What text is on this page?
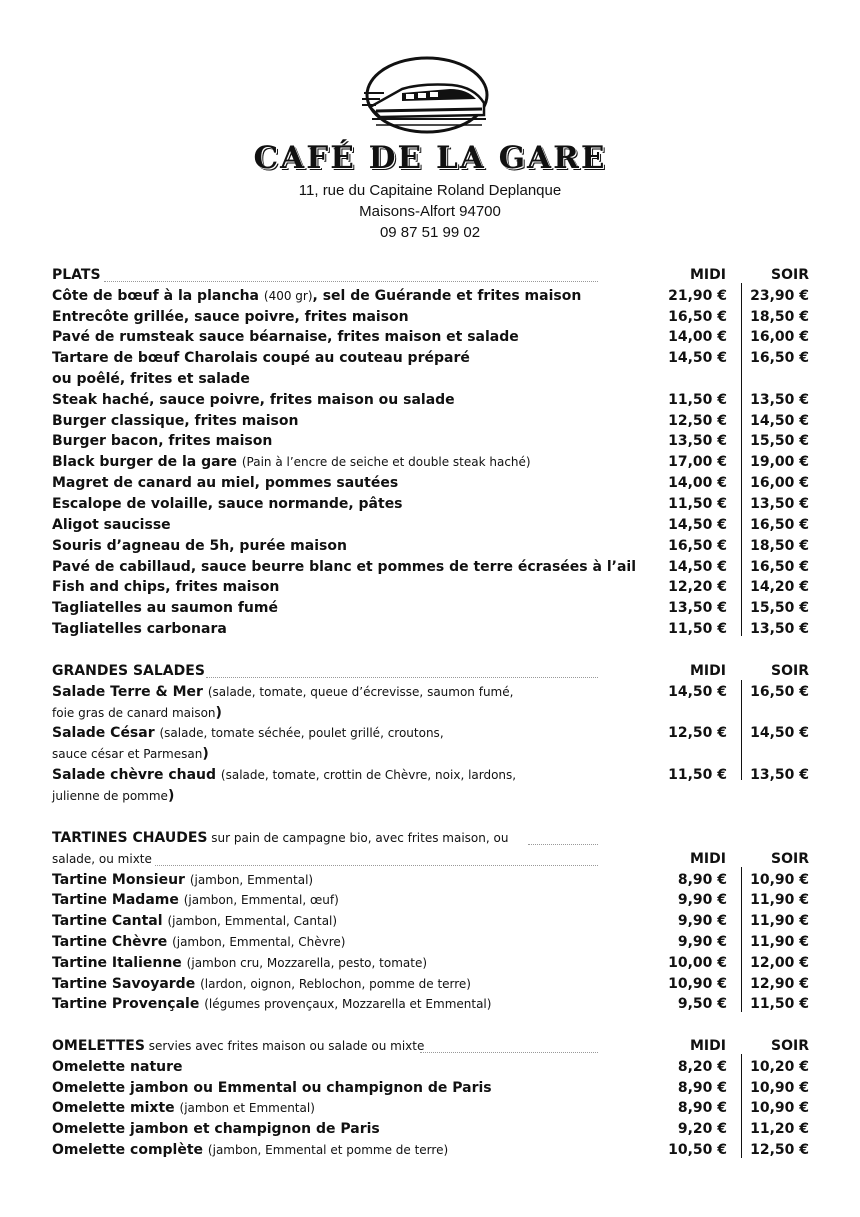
CAFÉ DE LA GARE
11, rue du Capitaine Roland Deplanque
Maisons-Alfort 94700
09 87 51 99 02
PLATS	MIDI	SOIR
Côte de bœuf à la plancha (400 gr), sel de Guérande et frites maison	21,90 € 23,90 €
Entrecôte grillée, sauce poivre, frites maison	16,50 € 18,50 €
Pavé de rumsteak sauce béarnaise, frites maison et salade	14,00 € 16,00 €
Tartare de bœuf Charolais coupé au couteau préparé	14,50 € 16,50 €
ou poêlé, frites et salade
Steak haché, sauce poivre, frites maison ou salade	11,50 € 13,50 €
Burger classique, frites maison	12,50 € 14,50 €
Burger bacon, frites maison	13,50 € 15,50 €
Black burger de la gare (Pain à l’encre de seiche et double steak haché)	17,00 € 19,00 €
Magret de canard au miel, pommes sautées	14,00 € 16,00 €
Escalope de volaille, sauce normande, pâtes	11,50 € 13,50 €
Aligot saucisse	14,50 € 16,50 €
Souris d’agneau de 5h, purée maison	16,50 € 18,50 €
Pavé de cabillaud, sauce beurre blanc et pommes de terre écrasées à l’ail 14,50 € 16,50 €
Fish and chips, frites maison	12,20 € 14,20 €
Tagliatelles au saumon fumé	13,50 € 15,50 €
Tagliatelles carbonara	11,50 € 13,50 €
GRANDES SALADES	MIDI	SOIR
Salade Terre & Mer (salade, tomate, queue d’écrevisse, saumon fumé,	14,50 € 16,50 €
foie gras de canard maison)
Salade César (salade, tomate séchée, poulet grillé, croutons,	12,50 € 14,50 €
sauce césar et Parmesan)
Salade chèvre chaud (salade, tomate, crottin de Chèvre, noix, lardons,	11,50 € 13,50 €
julienne de pomme)
TARTINES CHAUDES sur pain de campagne bio, avec frites maison, ou
salade, ou mixte	MIDI	SOIR
Tartine Monsieur (jambon, Emmental)	8,90 € 10,90 €
Tartine Madame (jambon, Emmental, œuf)	9,90 € 11,90 €
Tartine Cantal (jambon, Emmental, Cantal)	9,90 € 11,90 €
Tartine Chèvre (jambon, Emmental, Chèvre)	9,90 € 11,90 €
Tartine Italienne (jambon cru, Mozzarella, pesto, tomate)	10,00 € 12,00 €
Tartine Savoyarde (lardon, oignon, Reblochon, pomme de terre)	10,90 € 12,90 €
Tartine Provençale (légumes provençaux, Mozzarella et Emmental)	9,50 € 11,50 €
OMELETTES servies avec frites maison ou salade ou mixte	MIDI	SOIR
Omelette nature	8,20 € 10,20 €
Omelette jambon ou Emmental ou champignon de Paris	8,90 € 10,90 €
Omelette mixte (jambon et Emmental)	8,90 € 10,90 €
Omelette jambon et champignon de Paris	9,20 € 11,20 €
Omelette complète (jambon, Emmental et pomme de terre)	10,50 € 12,50 €
